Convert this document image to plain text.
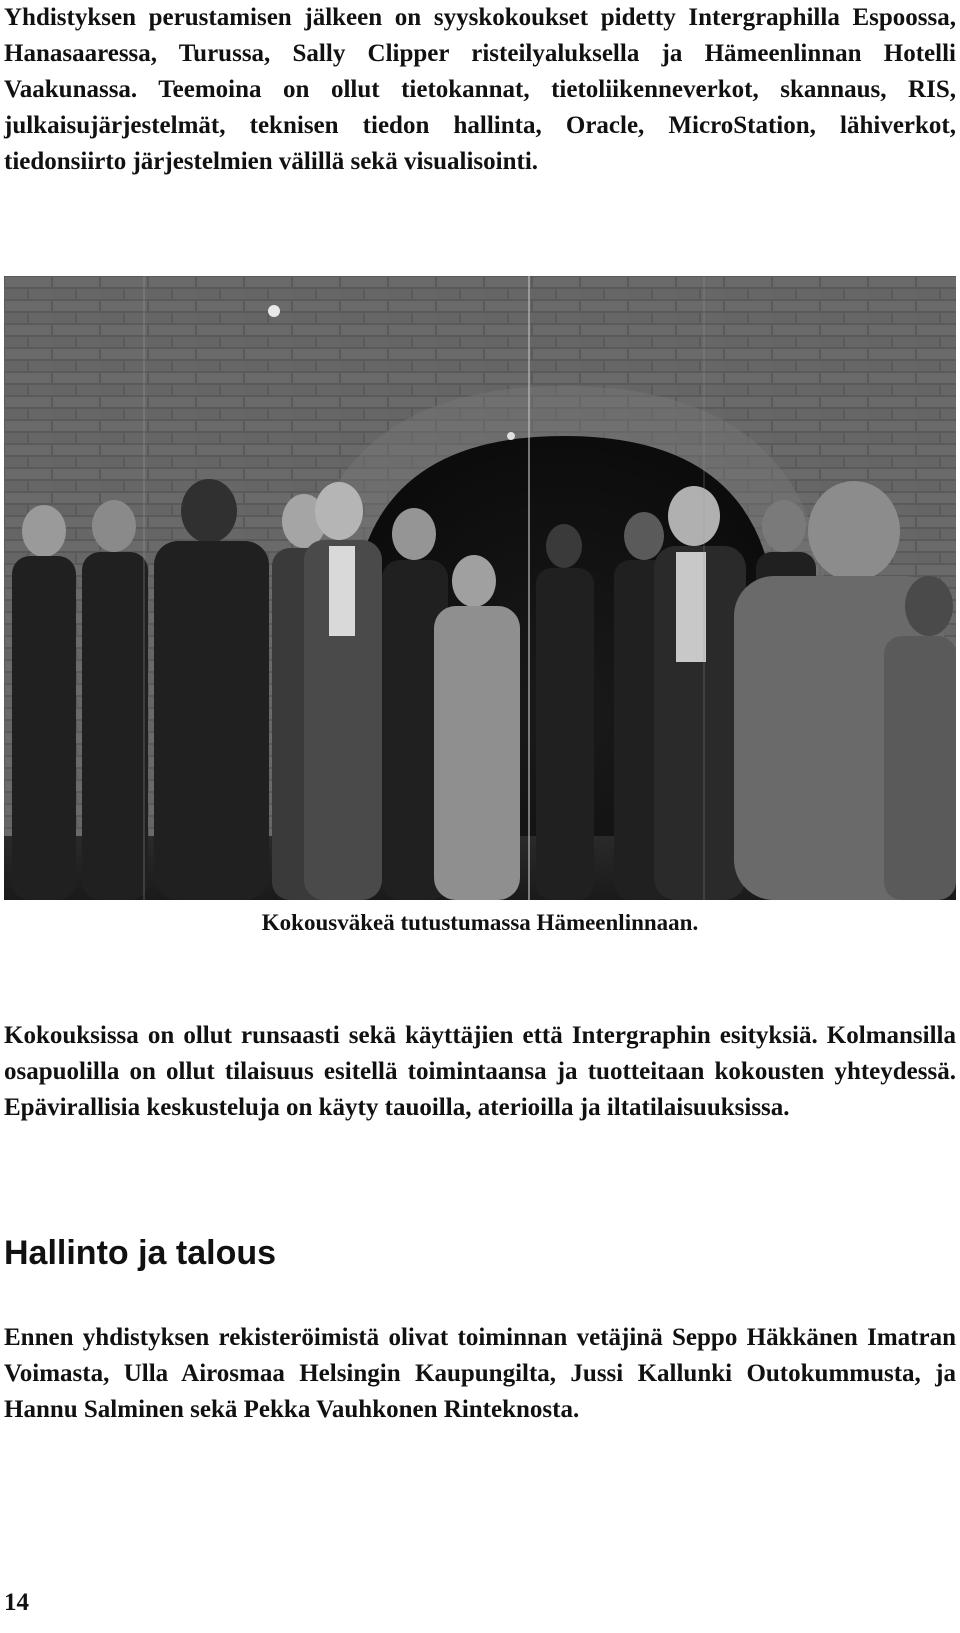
Yhdistyksen perustamisen jälkeen on syyskokoukset pidetty Intergraphilla Espoossa, Hanasaaressa, Turussa, Sally Clipper risteilyaluksella ja Hämeenlinnan Hotelli Vaakunassa. Teemoina on ollut tietokannat, tietoliikenneverkot, skannaus, RIS, julkaisujärjestelmät, teknisen tiedon hallinta, Oracle, MicroStation, lähiverkot, tiedonsiirto järjestelmien välillä sekä visualisointi.

Kokousväkeä tutustumassa Hämeenlinnaan.

Kokouksissa on ollut runsaasti sekä käyttäjien että Intergraphin esityksiä. Kolmansilla osapuolilla on ollut tilaisuus esitellä toimintaansa ja tuotteitaan kokousten yhteydessä. Epävirallisia keskusteluja on käyty tauoilla, aterioilla ja iltatilaisuuksissa.

Hallinto ja talous

Ennen yhdistyksen rekisteröimistä olivat toiminnan vetäjinä Seppo Häkkänen Imatran Voimasta, Ulla Airosmaa Helsingin Kaupungilta, Jussi Kallunki Outokummusta, ja Hannu Salminen sekä Pekka Vauhkonen Rinteknosta.

14
